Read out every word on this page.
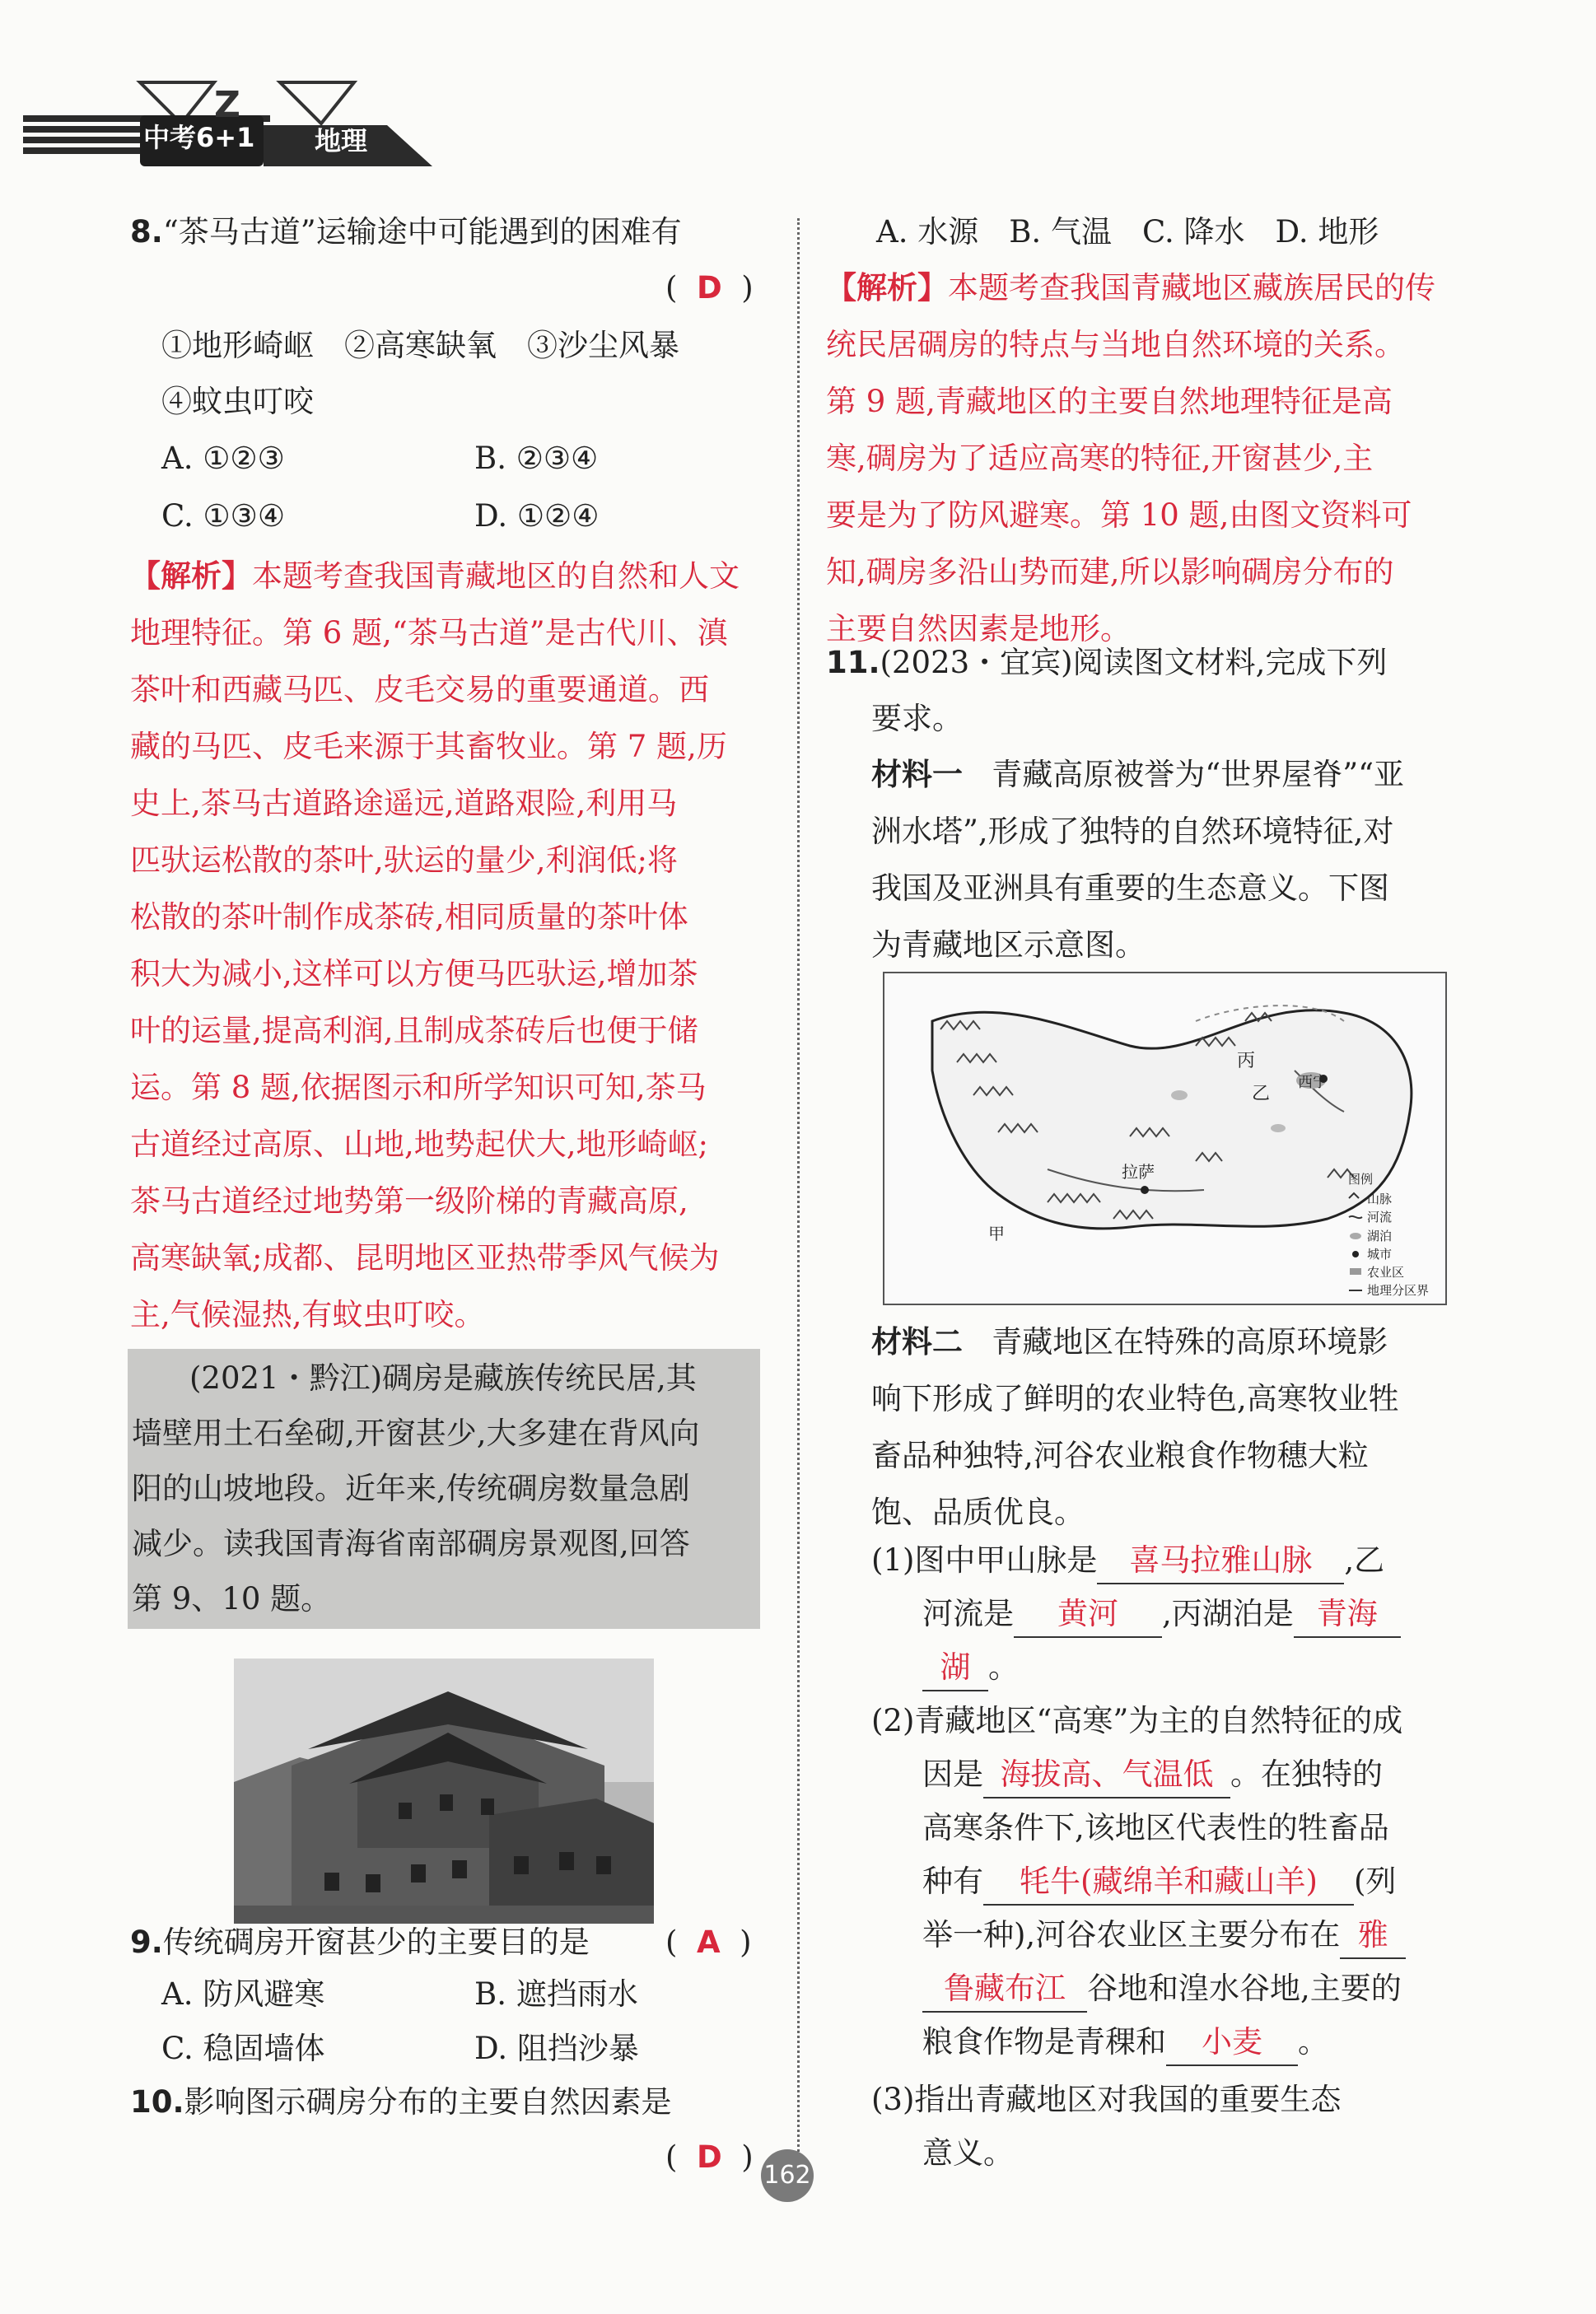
Z
中考6+1 地理
8.“茶马古道”运输途中可能遇到的困难有
(  D  )
①地形崎岖　②高寒缺氧　③沙尘风暴
④蚊虫叮咬
A. ①②③	B. ②③④
C. ①③④	D. ①②④
【解析】本题考查我国青藏地区的自然和人文
地理特征。第 6 题,“茶马古道”是古代川、滇
茶叶和西藏马匹、皮毛交易的重要通道。西
藏的马匹、皮毛来源于其畜牧业。第 7 题,历
史上,茶马古道路途遥远,道路艰险,利用马
匹驮运松散的茶叶,驮运的量少,利润低;将
松散的茶叶制作成茶砖,相同质量的茶叶体
积大为减小,这样可以方便马匹驮运,增加茶
叶的运量,提高利润,且制成茶砖后也便于储
运。第 8 题,依据图示和所学知识可知,茶马
古道经过高原、山地,地势起伏大,地形崎岖;
茶马古道经过地势第一级阶梯的青藏高原,
高寒缺氧;成都、昆明地区亚热带季风气候为
主,气候湿热,有蚊虫叮咬。
(2021・黔江)碉房是藏族传统民居,其
墙壁用土石垒砌,开窗甚少,大多建在背风向
阳的山坡地段。近年来,传统碉房数量急剧
减少。读我国青海省南部碉房景观图,回答
第 9、10 题。
9.传统碉房开窗甚少的主要目的是 (  A  )
A. 防风避寒	B. 遮挡雨水
C. 稳固墙体	D. 阻挡沙暴
10.影响图示碉房分布的主要自然因素是
(  D  )
A. 水源　B. 气温　C. 降水　D. 地形
【解析】本题考查我国青藏地区藏族居民的传
统民居碉房的特点与当地自然环境的关系。
第 9 题,青藏地区的主要自然地理特征是高
寒,碉房为了适应高寒的特征,开窗甚少,主
要是为了防风避寒。第 10 题,由图文资料可
知,碉房多沿山势而建,所以影响碉房分布的
主要自然因素是地形。
11.(2023・宜宾)阅读图文材料,完成下列
要求。
材料一 青藏高原被誉为“世界屋脊”“亚
洲水塔”,形成了独特的自然环境特征,对
我国及亚洲具有重要的生态意义。下图
为青藏地区示意图。
丙
乙
西宁
拉萨
甲
图例
山脉
河流
湖泊
城市
农业区
地理分区界
材料二 青藏地区在特殊的高原环境影
响下形成了鲜明的农业特色,高寒牧业牲
畜品种独特,河谷农业粮食作物穗大粒
饱、品质优良。
(1)图中甲山脉是 喜马拉雅山脉 ,乙
河流是 黄河 ,丙湖泊是 青海
湖 。
(2)青藏地区“高寒”为主的自然特征的成
因是 海拔高、气温低 。在独特的
高寒条件下,该地区代表性的牲畜品
种有 牦牛(藏绵羊和藏山羊) (列
举一种),河谷农业区主要分布在 雅
鲁藏布江 谷地和湟水谷地,主要的
粮食作物是青稞和 小麦 。
(3)指出青藏地区对我国的重要生态
意义。
162
